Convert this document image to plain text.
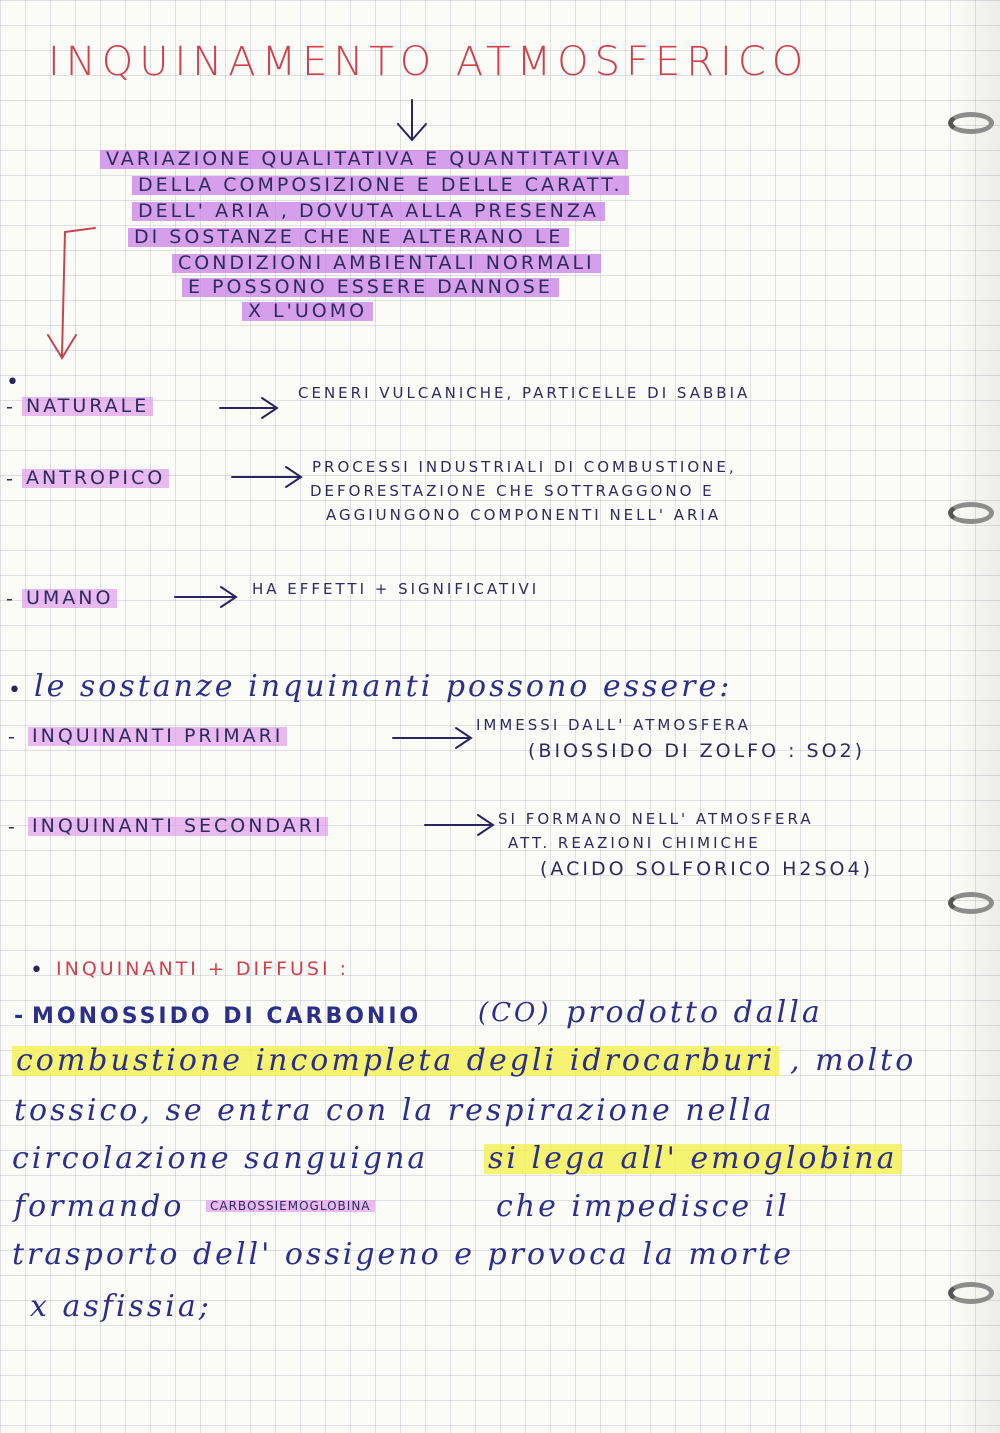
INQUINAMENTO ATMOSFERICO
VARIAZIONE QUALITATIVA E QUANTITATIVA
DELLA COMPOSIZIONE E DELLE CARATT.
DELL' ARIA , DOVUTA ALLA PRESENZA
DI SOSTANZE CHE NE ALTERANO LE
CONDIZIONI AMBIENTALI NORMALI
E POSSONO ESSERE DANNOSE
X L'UOMO
•
- NATURALE
CENERI VULCANICHE, PARTICELLE DI SABBIA
- ANTROPICO	PROCESSI INDUSTRIALI DI COMBUSTIONE,
DEFORESTAZIONE CHE SOTTRAGGONO E
AGGIUNGONO COMPONENTI NELL' ARIA
- UMANO	HA EFFETTI + SIGNIFICATIVI
• le sostanze inquinanti possono essere:
- INQUINANTI PRIMARI	IMMESSI DALL' ATMOSFERA
(BIOSSIDO DI ZOLFO : SO2)
- INQUINANTI SECONDARI	SI FORMANO NELL' ATMOSFERA
ATT. REAZIONI CHIMICHE
(ACIDO SOLFORICO H2SO4)
• INQUINANTI + DIFFUSI :
- MONOSSIDO DI CARBONIO (CO) prodotto dalla
combustione incompleta degli idrocarburi , molto
tossico, se entra con la respirazione nella
circolazione sanguigna si lega all' emoglobina
formando	CARBOSSIEMOGLOBINA	che impedisce il
trasporto dell' ossigeno e provoca la morte
x asfissia;
